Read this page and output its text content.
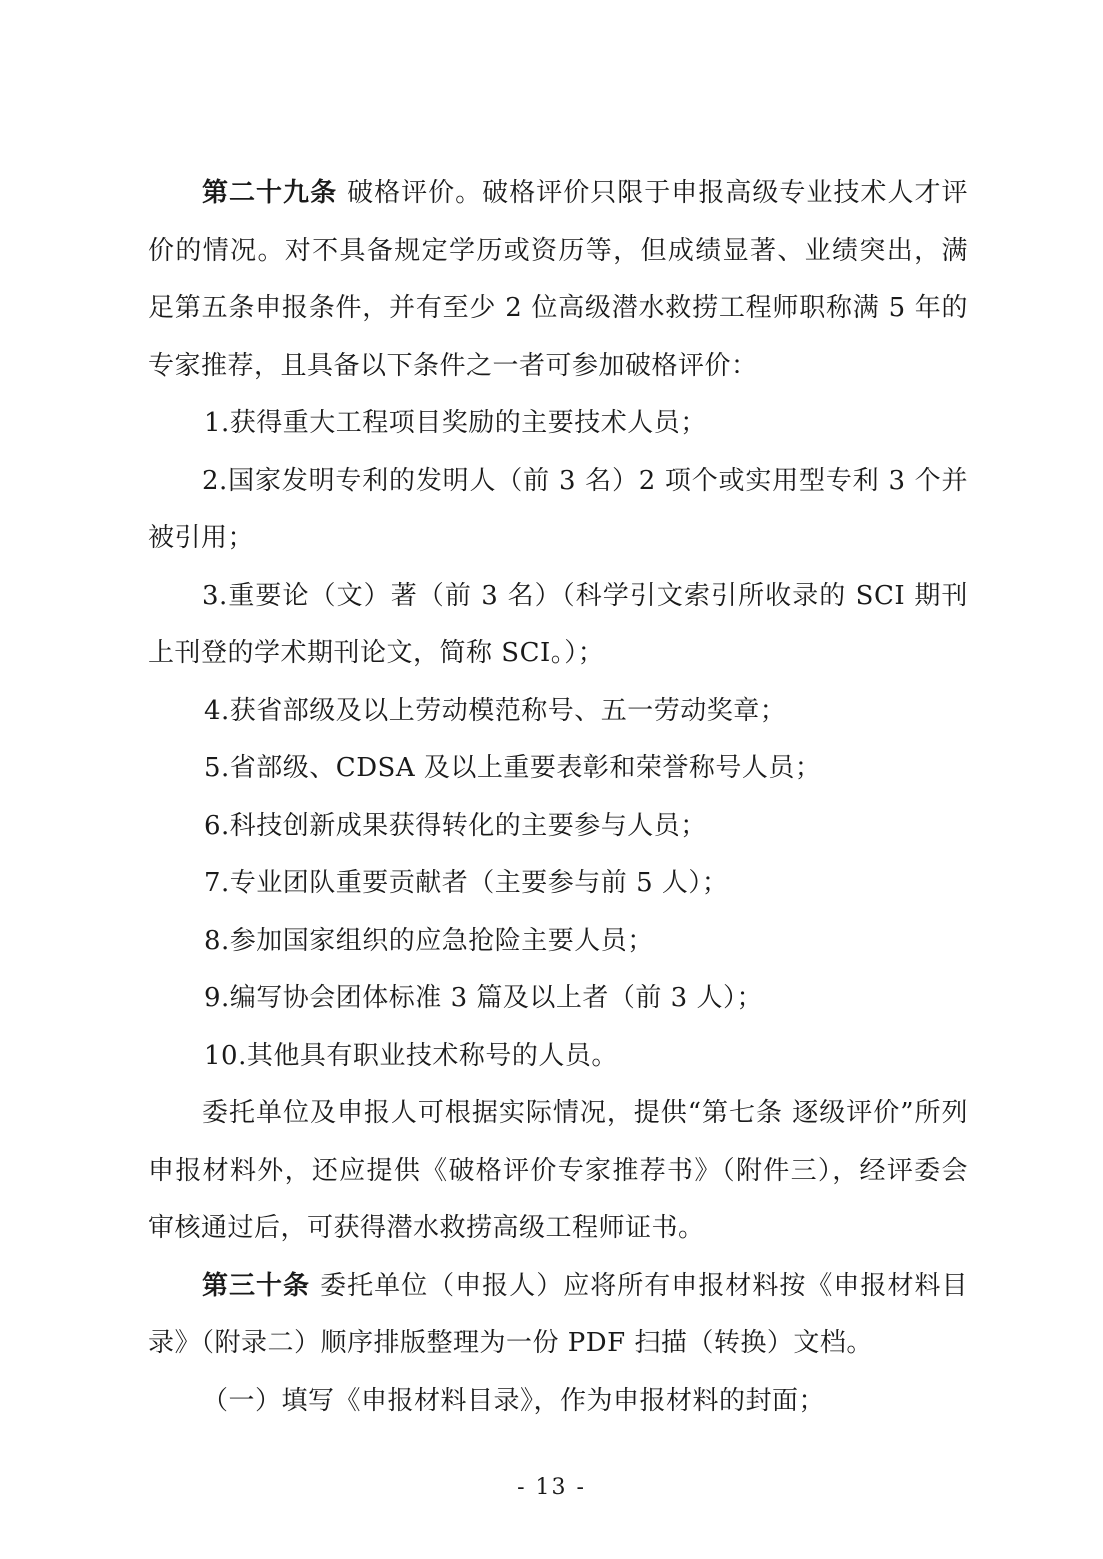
第二十九条 破格评价。破格评价只限于申报高级专业技术人才评价的情况。对不具备规定学历或资历等，但成绩显著、业绩突出，满足第五条申报条件，并有至少 2 位高级潜水救捞工程师职称满 5 年的专家推荐，且具备以下条件之一者可参加破格评价：

1.获得重大工程项目奖励的主要技术人员；

2.国家发明专利的发明人（前 3 名）2 项个或实用型专利 3 个并被引用；

3.重要论（文）著（前 3 名）（科学引文索引所收录的 SCI 期刊上刊登的学术期刊论文，简称 SCI。）；

4.获省部级及以上劳动模范称号、五一劳动奖章；

5.省部级、CDSA 及以上重要表彰和荣誉称号人员；

6.科技创新成果获得转化的主要参与人员；

7.专业团队重要贡献者（主要参与前 5 人）；

8.参加国家组织的应急抢险主要人员；

9.编写协会团体标准 3 篇及以上者（前 3 人）；

10.其他具有职业技术称号的人员。

委托单位及申报人可根据实际情况，提供“第七条 逐级评价”所列申报材料外，还应提供《破格评价专家推荐书》（附件三），经评委会审核通过后，可获得潜水救捞高级工程师证书。

第三十条 委托单位（申报人）应将所有申报材料按《申报材料目录》（附录二）顺序排版整理为一份 PDF 扫描（转换）文档。

（一）填写《申报材料目录》，作为申报材料的封面；

- 13 -
